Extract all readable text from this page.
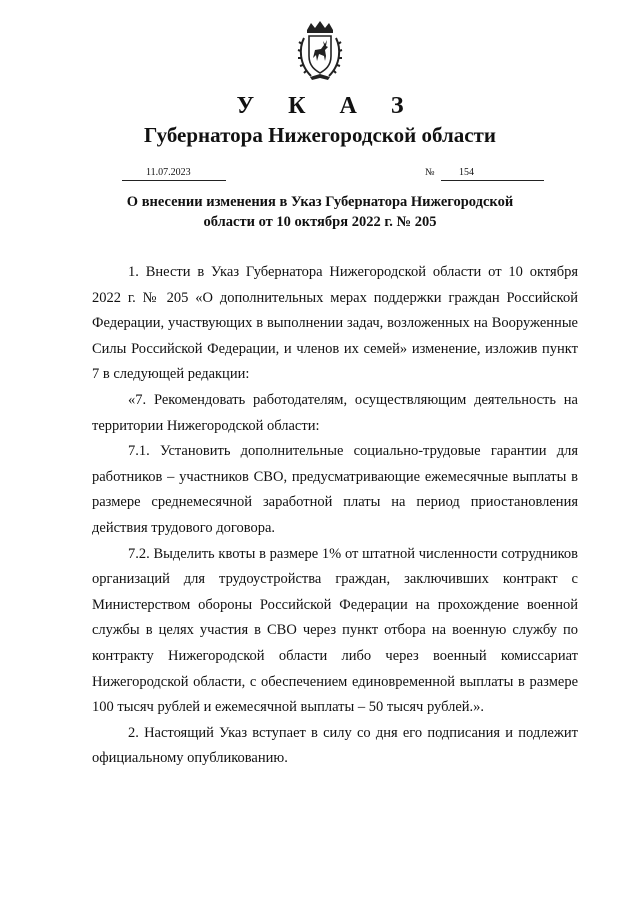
У К А З
Губернатора Нижегородской области
11.07.2023	№	154
О внесении изменения в Указ Губернатора Нижегородской области от 10 октября 2022 г. № 205

1. Внести в Указ Губернатора Нижегородской области от 10 октября 2022 г. № 205 «О дополнительных мерах поддержки граждан Российской Федерации, участвующих в выполнении задач, возложенных на Вооруженные Силы Российской Федерации, и членов их семей» изменение, изложив пункт 7 в следующей редакции:

«7. Рекомендовать работодателям, осуществляющим деятельность на территории Нижегородской области:

7.1. Установить дополнительные социально-трудовые гарантии для работников – участников СВО, предусматривающие ежемесячные выплаты в размере среднемесячной заработной платы на период приостановления действия трудового договора.

7.2. Выделить квоты в размере 1% от штатной численности сотрудников организаций для трудоустройства граждан, заключивших контракт с Министерством обороны Российской Федерации на прохождение военной службы в целях участия в СВО через пункт отбора на военную службу по контракту Нижегородской области либо через военный комиссариат Нижегородской области, с обеспечением единовременной выплаты в размере 100 тысяч рублей и ежемесячной выплаты – 50 тысяч рублей.».

2. Настоящий Указ вступает в силу со дня его подписания и подлежит официальному опубликованию.
